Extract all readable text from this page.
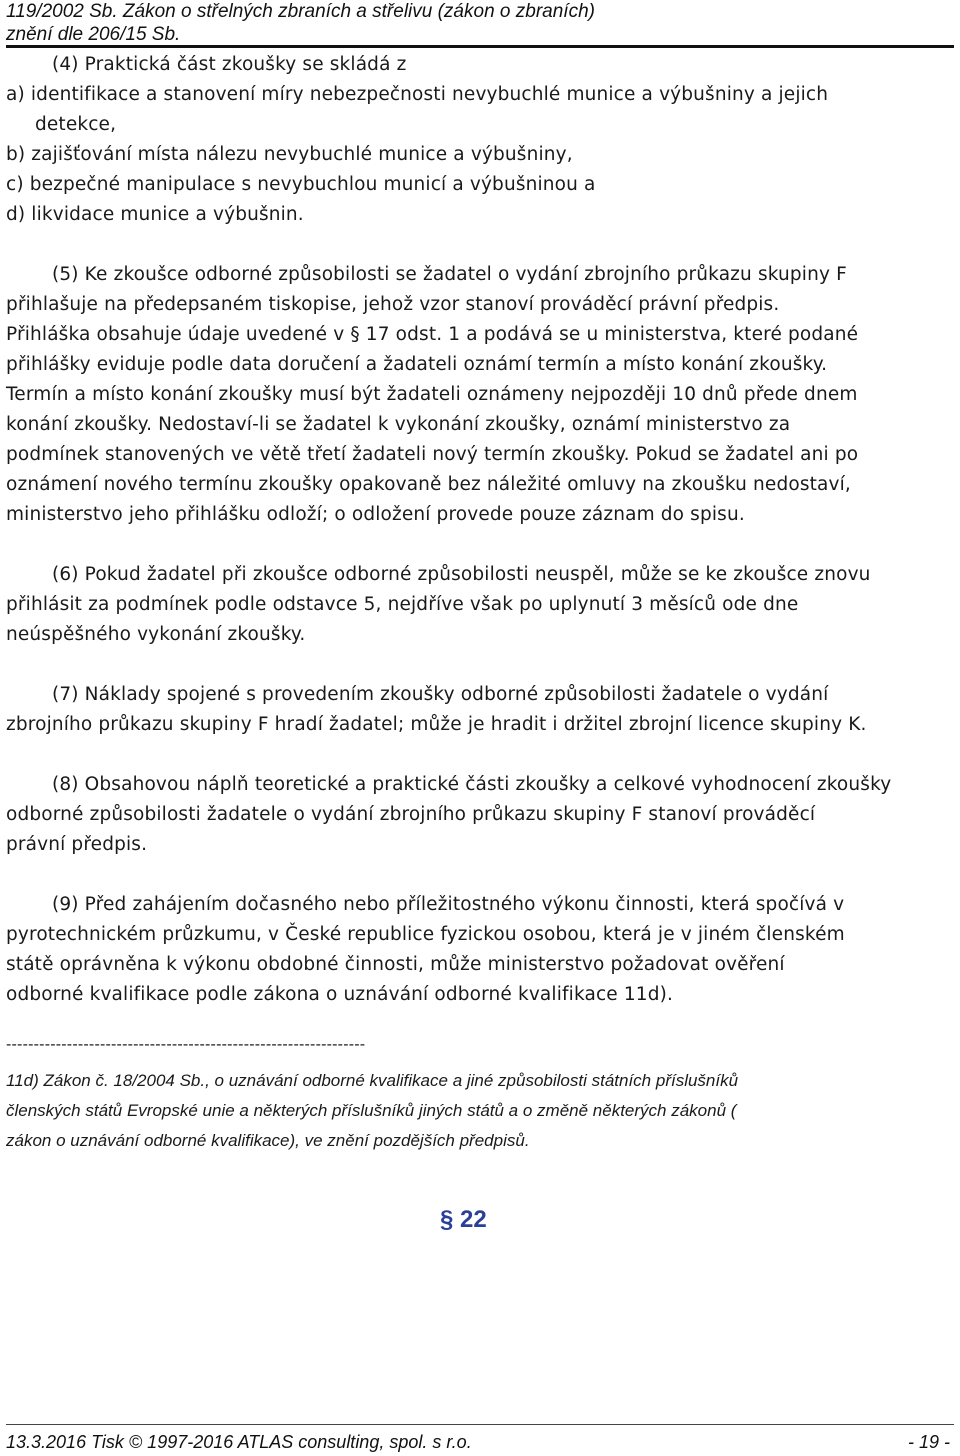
119/2002 Sb. Zákon o střelných zbraních a střelivu (zákon o zbraních)
znění dle 206/15 Sb.
(4) Praktická část zkoušky se skládá z
a) identifikace a stanovení míry nebezpečnosti nevybuchlé munice a výbušniny a jejich
detekce,
b) zajišťování místa nálezu nevybuchlé munice a výbušniny,
c) bezpečné manipulace s nevybuchlou municí a výbušninou a
d) likvidace munice a výbušnin.
(5) Ke zkoušce odborné způsobilosti se žadatel o vydání zbrojního průkazu skupiny F
přihlašuje na předepsaném tiskopise, jehož vzor stanoví prováděcí právní předpis.
Přihláška obsahuje údaje uvedené v § 17 odst. 1 a podává se u ministerstva, které podané
přihlášky eviduje podle data doručení a žadateli oznámí termín a místo konání zkoušky.
Termín a místo konání zkoušky musí být žadateli oznámeny nejpozději 10 dnů přede dnem
konání zkoušky. Nedostaví-li se žadatel k vykonání zkoušky, oznámí ministerstvo za
podmínek stanovených ve větě třetí žadateli nový termín zkoušky. Pokud se žadatel ani po
oznámení nového termínu zkoušky opakovaně bez náležité omluvy na zkoušku nedostaví,
ministerstvo jeho přihlášku odloží; o odložení provede pouze záznam do spisu.
(6) Pokud žadatel při zkoušce odborné způsobilosti neuspěl, může se ke zkoušce znovu
přihlásit za podmínek podle odstavce 5, nejdříve však po uplynutí 3 měsíců ode dne
neúspěšného vykonání zkoušky.
(7) Náklady spojené s provedením zkoušky odborné způsobilosti žadatele o vydání
zbrojního průkazu skupiny F hradí žadatel; může je hradit i držitel zbrojní licence skupiny K.
(8) Obsahovou náplň teoretické a praktické části zkoušky a celkové vyhodnocení zkoušky
odborné způsobilosti žadatele o vydání zbrojního průkazu skupiny F stanoví prováděcí
právní předpis.
(9) Před zahájením dočasného nebo příležitostného výkonu činnosti, která spočívá v
pyrotechnickém průzkumu, v České republice fyzickou osobou, která je v jiném členském
státě oprávněna k výkonu obdobné činnosti, může ministerstvo požadovat ověření
odborné kvalifikace podle zákona o uznávání odborné kvalifikace 11d).
-----------------------------------------------------------------
11d) Zákon č. 18/2004 Sb., o uznávání odborné kvalifikace a jiné způsobilosti státních příslušníků
členských států Evropské unie a některých příslušníků jiných států a o změně některých zákonů (
zákon o uznávání odborné kvalifikace), ve znění pozdějších předpisů.
§ 22
13.3.2016 Tisk © 1997-2016 ATLAS consulting, spol. s r.o.	- 19 -
